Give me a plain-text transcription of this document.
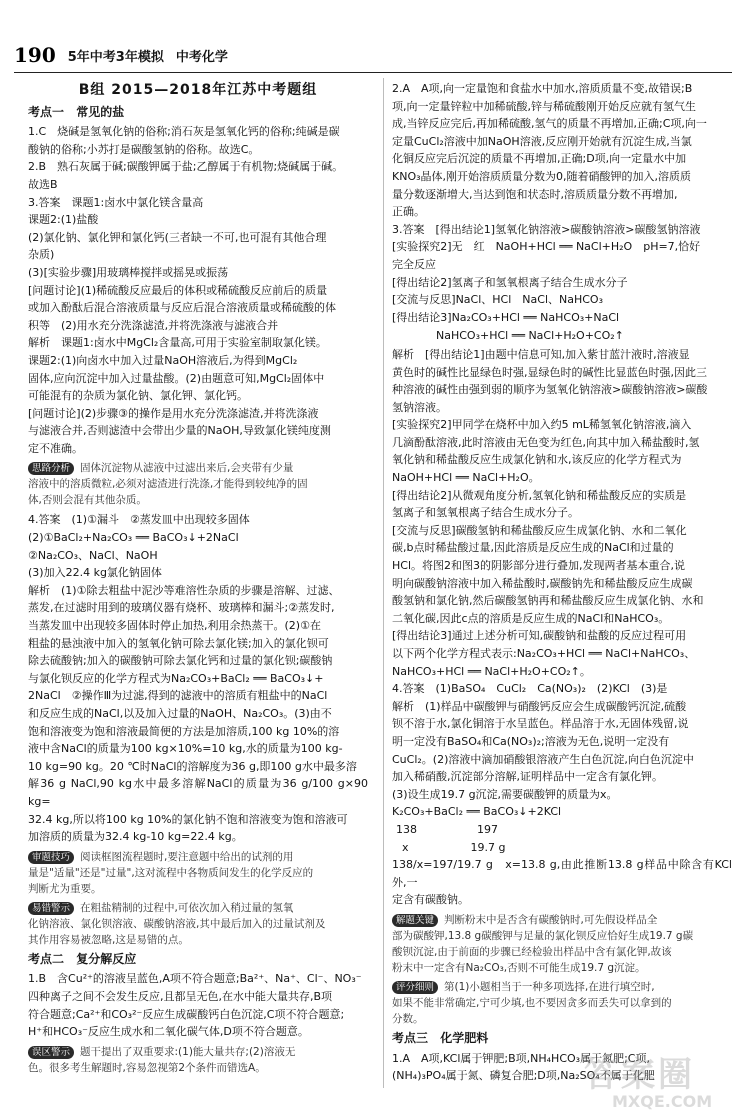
190 5年中考3年模拟 中考化学
B组 2015—2018年江苏中考题组
考点一 常见的盐

1.C　烧碱是氢氧化钠的俗称;消石灰是氢氧化钙的俗称;纯碱是碳

酸钠的俗称;小苏打是碳酸氢钠的俗称。故选C。

2.B　熟石灰属于碱;碳酸钾属于盐;乙醇属于有机物;烧碱属于碱。

故选B

3.答案　课题1:卤水中氯化镁含量高

课题2:(1)盐酸

(2)氯化钠、氯化钾和氯化钙(三者缺一不可,也可混有其他合理

杂质)

(3)[实验步骤]用玻璃棒搅拌或摇晃或振荡

[问题讨论](1)稀硫酸反应最后的体积或稀硫酸反应前后的质量

或加入酚酞后混合溶液质量与反应后混合溶液质量或稀硫酸的体

积等　(2)用水充分洗涤滤渣,并将洗涤液与滤液合并

解析　课题1:卤水中MgCl₂含量高,可用于实验室制取氯化镁。

课题2:(1)向卤水中加入过量NaOH溶液后,为得到MgCl₂

固体,应向沉淀中加入过量盐酸。(2)由题意可知,MgCl₂固体中

可能混有的杂质为氯化钠、氯化钾、氯化钙。

[问题讨论](2)步骤③的操作是用水充分洗涤滤渣,并将洗涤液

与滤液合并,否则滤渣中会带出少量的NaOH,导致氯化镁纯度测

定不准确。

思路分析 固体沉淀物从滤液中过滤出来后,会夹带有少量
溶液中的溶质微粒,必须对滤渣进行洗涤,才能得到较纯净的固
体,否则会混有其他杂质。

4.答案　(1)①漏斗　②蒸发皿中出现较多固体

(2)①BaCl₂+Na₂CO₃ ══ BaCO₃↓+2NaCl

②Na₂CO₃、NaCl、NaOH

(3)加入22.4 kg氯化钠固体

解析　(1)①除去粗盐中泥沙等难溶性杂质的步骤是溶解、过滤、

蒸发,在过滤时用到的玻璃仪器有烧杯、玻璃棒和漏斗;②蒸发时,

当蒸发皿中出现较多固体时停止加热,利用余热蒸干。(2)①在

粗盐的悬浊液中加入的氢氧化钠可除去氯化镁;加入的氯化钡可

除去硫酸钠;加入的碳酸钠可除去氯化钙和过量的氯化钡;碳酸钠

与氯化钡反应的化学方程式为Na₂CO₃+BaCl₂ ══ BaCO₃↓+

2NaCl　②操作Ⅲ为过滤,得到的滤液中的溶质有粗盐中的NaCl

和反应生成的NaCl,以及加入过量的NaOH、Na₂CO₃。(3)由不

饱和溶液变为饱和溶液最简便的方法是加溶质,100 kg 10%的溶

液中含NaCl的质量为100 kg×10%=10 kg,水的质量为100 kg-

10 kg=90 kg。20 ℃时NaCl的溶解度为36 g,即100 g水中最多溶

解36 g NaCl,90 kg水中最多溶解NaCl的质量为36 g/100 g×90 kg=

32.4 kg,所以将100 kg 10%的氯化钠不饱和溶液变为饱和溶液可

加溶质的质量为32.4 kg-10 kg=22.4 kg。

审题技巧 阅读框图流程题时,要注意题中给出的试剂的用
量是"适量"还是"过量",这对流程中各物质间发生的化学反应的
判断尤为重要。
易错警示 在粗盐精制的过程中,可依次加入稍过量的氢氧
化钠溶液、氯化钡溶液、碳酸钠溶液,其中最后加入的过量试剂及
其作用容易被忽略,这是易错的点。
考点二 复分解反应

1.B　含Cu²⁺的溶液呈蓝色,A项不符合题意;Ba²⁺、Na⁺、Cl⁻、NO₃⁻

四种离子之间不会发生反应,且都呈无色,在水中能大量共存,B项

符合题意;Ca²⁺和CO₃²⁻反应生成碳酸钙白色沉淀,C项不符合题意;

H⁺和HCO₃⁻反应生成水和二氧化碳气体,D项不符合题意。

误区警示 题干提出了双重要求:(1)能大量共存;(2)溶液无
色。很多考生解题时,容易忽视第2个条件而错选A。

2.A　A项,向一定量饱和食盐水中加水,溶质质量不变,故错误;B

项,向一定量锌粒中加稀硫酸,锌与稀硫酸刚开始反应就有氢气生

成,当锌反应完后,再加稀硫酸,氢气的质量不再增加,正确;C项,向一

定量CuCl₂溶液中加NaOH溶液,反应刚开始就有沉淀生成,当氯

化铜反应完后沉淀的质量不再增加,正确;D项,向一定量水中加

KNO₃晶体,刚开始溶质质量分数为0,随着硝酸钾的加入,溶质质

量分数逐渐增大,当达到饱和状态时,溶质质量分数不再增加,

正确。

3.答案　[得出结论1]氢氧化钠溶液>碳酸钠溶液>碳酸氢钠溶液

[实验探究2]无　红　NaOH+HCl ══ NaCl+H₂O　pH=7,恰好

完全反应

[得出结论2]氢离子和氢氧根离子结合生成水分子

[交流与反思]NaCl、HCl　NaCl、NaHCO₃

[得出结论3]Na₂CO₃+HCl ══ NaHCO₃+NaCl

NaHCO₃+HCl ══ NaCl+H₂O+CO₂↑

解析　[得出结论1]由题中信息可知,加入紫甘蓝汁液时,溶液显

黄色时的碱性比显绿色时强,显绿色时的碱性比显蓝色时强,因此三

种溶液的碱性由强到弱的顺序为氢氧化钠溶液>碳酸钠溶液>碳酸

氢钠溶液。

[实验探究2]甲同学在烧杯中加入约5 mL稀氢氧化钠溶液,滴入

几滴酚酞溶液,此时溶液由无色变为红色,向其中加入稀盐酸时,氢

氧化钠和稀盐酸反应生成氯化钠和水,该反应的化学方程式为

NaOH+HCl ══ NaCl+H₂O。

[得出结论2]从微观角度分析,氢氧化钠和稀盐酸反应的实质是

氢离子和氢氧根离子结合生成水分子。

[交流与反思]碳酸氢钠和稀盐酸反应生成氯化钠、水和二氧化

碳,b点时稀盐酸过量,因此溶质是反应生成的NaCl和过量的

HCl。将图2和图3的阴影部分进行叠加,发现两者基本重合,说

明向碳酸钠溶液中加入稀盐酸时,碳酸钠先和稀盐酸反应生成碳

酸氢钠和氯化钠,然后碳酸氢钠再和稀盐酸反应生成氯化钠、水和

二氧化碳,因此c点的溶质是反应生成的NaCl和NaHCO₃。

[得出结论3]通过上述分析可知,碳酸钠和盐酸的反应过程可用

以下两个化学方程式表示:Na₂CO₃+HCl ══ NaCl+NaHCO₃、

NaHCO₃+HCl ══ NaCl+H₂O+CO₂↑。

4.答案　(1)BaSO₄　CuCl₂　Ca(NO₃)₂　(2)KCl　(3)是

解析　(1)样品中碳酸钾与硝酸钙反应会生成碳酸钙沉淀,硫酸

钡不溶于水,氯化铜溶于水呈蓝色。样品溶于水,无固体残留,说

明一定没有BaSO₄和Ca(NO₃)₂;溶液为无色,说明一定没有

CuCl₂。(2)溶液中滴加硝酸银溶液产生白色沉淀,向白色沉淀中

加入稀硝酸,沉淀部分溶解,证明样品中一定含有氯化钾。

(3)设生成19.7 g沉淀,需要碳酸钾的质量为x。

K₂CO₃+BaCl₂ ══ BaCO₃↓+2KCl

138	197
x	19.7 g

138/x=197/19.7 g　x=13.8 g,由此推断13.8 g样品中除含有KCl外,一

定含有碳酸钠。

解题关键 判断粉末中是否含有碳酸钠时,可先假设样品全
部为碳酸钾,13.8 g碳酸钾与足量的氯化钡反应恰好生成19.7 g碳
酸钡沉淀,由于前面的步骤已经检验出样品中含有氯化钾,故该
粉末中一定含有Na₂CO₃,否则不可能生成19.7 g沉淀。
评分细则 第(1)小题相当于一种多项选择,在进行填空时,
如果不能非常确定,宁可少填,也不要因贪多而丢失可以拿到的
分数。
考点三 化学肥料

1.A　A项,KCl属于钾肥;B项,NH₄HCO₃属于氮肥;C项,

(NH₄)₃PO₄属于氮、磷复合肥;D项,Na₂SO₄不属于化肥

答案圈
MXQE.COM
